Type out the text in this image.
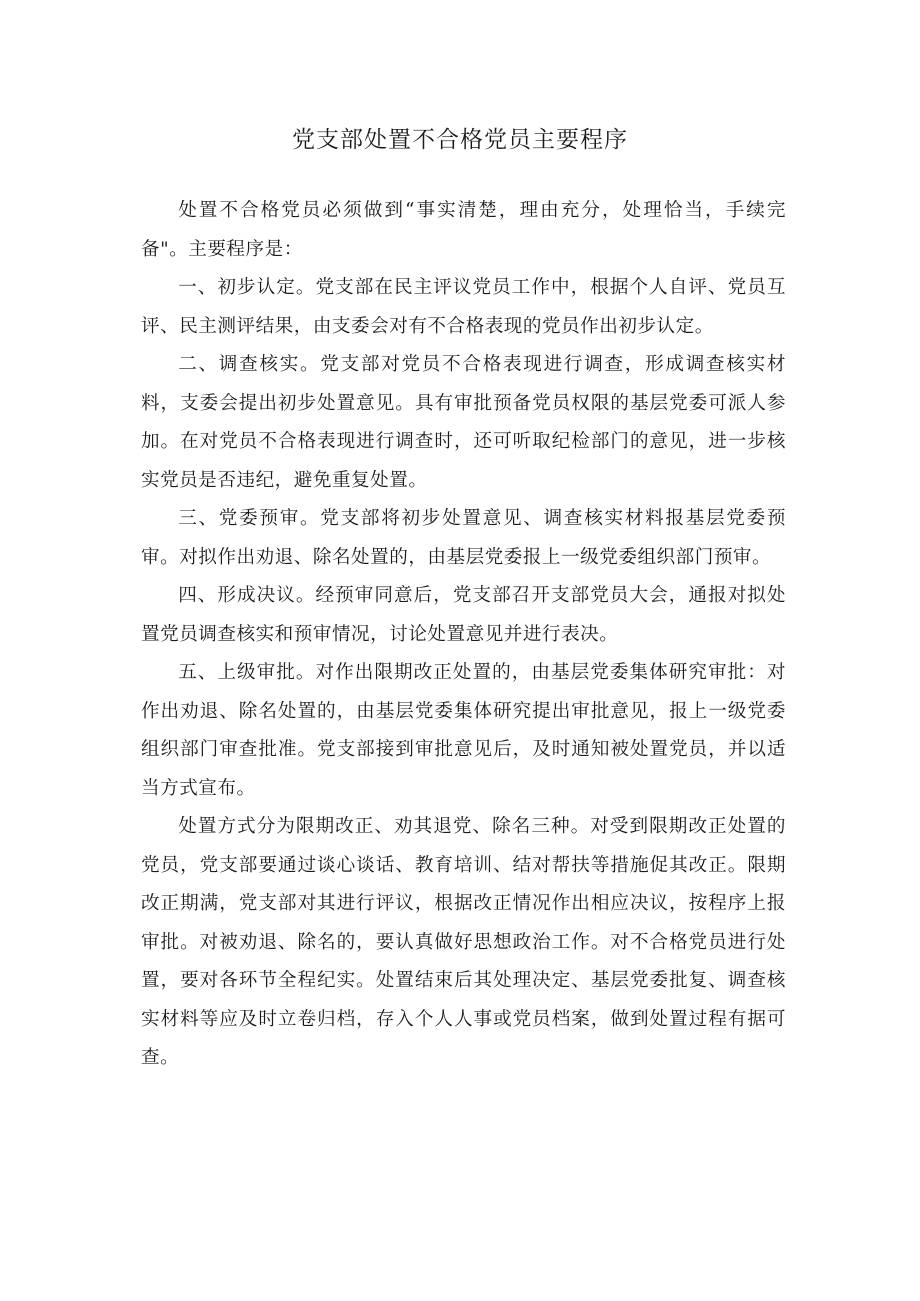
党支部处置不合格党员主要程序

处置不合格党员必须做到“事实清楚，理由充分，处理恰当，手续完备"。主要程序是：

一、初步认定。党支部在民主评议党员工作中，根据个人自评、党员互评、民主测评结果，由支委会对有不合格表现的党员作出初步认定。

二、调查核实。党支部对党员不合格表现进行调查，形成调查核实材料，支委会提出初步处置意见。具有审批预备党员权限的基层党委可派人参加。在对党员不合格表现进行调查时，还可听取纪检部门的意见，进一步核实党员是否违纪，避免重复处置。

三、党委预审。党支部将初步处置意见、调查核实材料报基层党委预审。对拟作出劝退、除名处置的，由基层党委报上一级党委组织部门预审。

四、形成决议。经预审同意后，党支部召开支部党员大会，通报对拟处置党员调查核实和预审情况，讨论处置意见并进行表决。

五、上级审批。对作出限期改正处置的，由基层党委集体研究审批：对作出劝退、除名处置的，由基层党委集体研究提出审批意见，报上一级党委组织部门审查批准。党支部接到审批意见后，及时通知被处置党员，并以适当方式宣布。

处置方式分为限期改正、劝其退党、除名三种。对受到限期改正处置的党员，党支部要通过谈心谈话、教育培训、结对帮扶等措施促其改正。限期改正期满，党支部对其进行评议，根据改正情况作出相应决议，按程序上报审批。对被劝退、除名的，要认真做好思想政治工作。对不合格党员进行处置，要对各环节全程纪实。处置结束后其处理决定、基层党委批复、调查核实材料等应及时立卷归档，存入个人人事或党员档案，做到处置过程有据可查。
